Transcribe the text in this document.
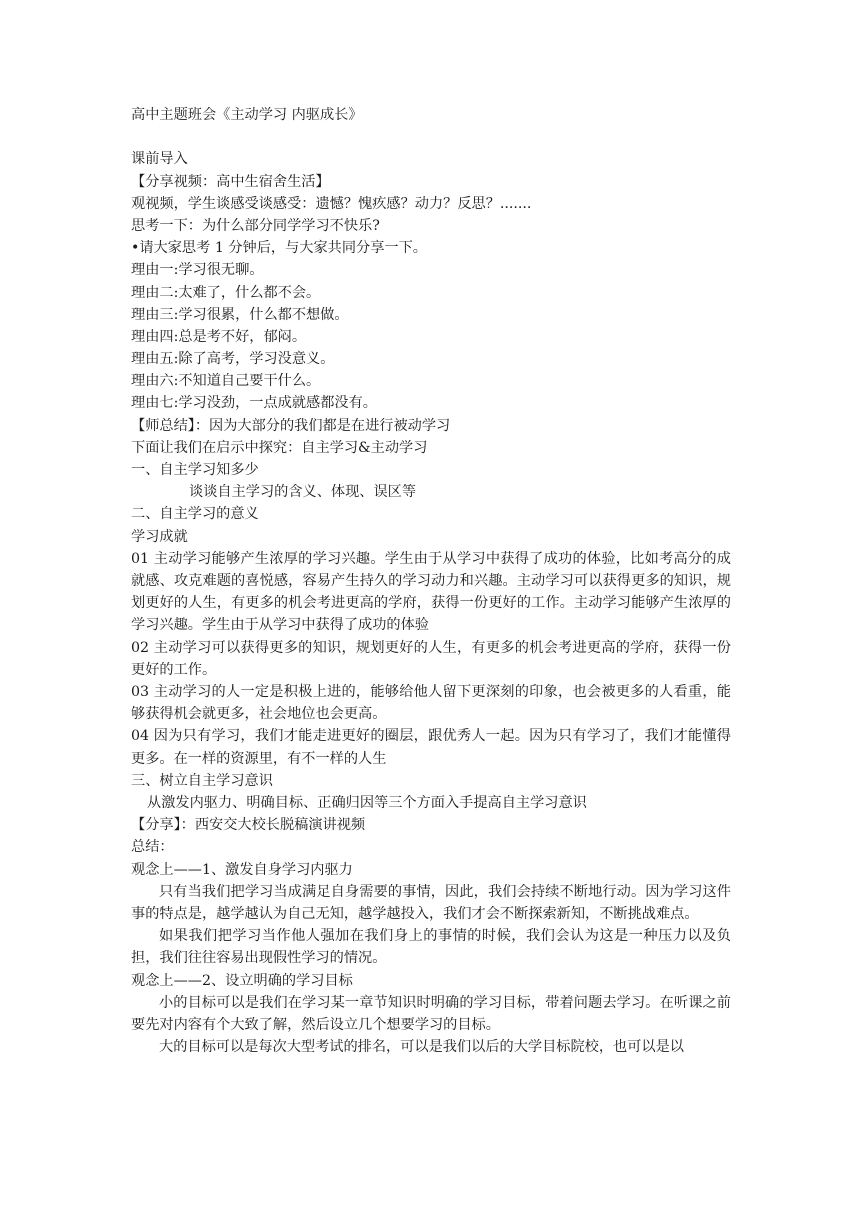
高中主题班会《主动学习 内驱成长》
课前导入
【分享视频：高中生宿舍生活】
观视频，学生谈感受谈感受：遗憾？愧疚感？动力？反思？.......
思考一下：为什么部分同学学习不快乐?
•请大家思考 1 分钟后，与大家共同分享一下。
理由一:学习很无聊。
理由二:太难了，什么都不会。
理由三:学习很累，什么都不想做。
理由四:总是考不好，郁闷。
理由五:除了高考，学习没意义。
理由六:不知道自己要干什么。
理由七:学习没劲，一点成就感都没有。
【师总结】：因为大部分的我们都是在进行被动学习
下面让我们在启示中探究：自主学习&主动学习
一、自主学习知多少
谈谈自主学习的含义、体现、误区等
二、自主学习的意义
学习成就
01 主动学习能够产生浓厚的学习兴趣。学生由于从学习中获得了成功的体验，比如考高分的成就感、攻克难题的喜悦感，容易产生持久的学习动力和兴趣。主动学习可以获得更多的知识，规划更好的人生，有更多的机会考进更高的学府，获得一份更好的工作。主动学习能够产生浓厚的学习兴趣。学生由于从学习中获得了成功的体验
02 主动学习可以获得更多的知识，规划更好的人生，有更多的机会考进更高的学府，获得一份更好的工作。
03 主动学习的人一定是积极上进的，能够给他人留下更深刻的印象，也会被更多的人看重，能够获得机会就更多，社会地位也会更高。
04 因为只有学习，我们才能走进更好的圈层，跟优秀人一起。因为只有学习了，我们才能懂得更多。在一样的资源里，有不一样的人生
三、树立自主学习意识
从激发内驱力、明确目标、正确归因等三个方面入手提高自主学习意识
【分享】：西安交大校长脱稿演讲视频
总结：
观念上——1、激发自身学习内驱力
只有当我们把学习当成满足自身需要的事情，因此，我们会持续不断地行动。因为学习这件事的特点是，越学越认为自己无知，越学越投入，我们才会不断探索新知，不断挑战难点。
如果我们把学习当作他人强加在我们身上的事情的时候，我们会认为这是一种压力以及负担，我们往往容易出现假性学习的情况。
观念上——2、设立明确的学习目标
小的目标可以是我们在学习某一章节知识时明确的学习目标，带着问题去学习。在听课之前要先对内容有个大致了解，然后设立几个想要学习的目标。
大的目标可以是每次大型考试的排名，可以是我们以后的大学目标院校，也可以是以
